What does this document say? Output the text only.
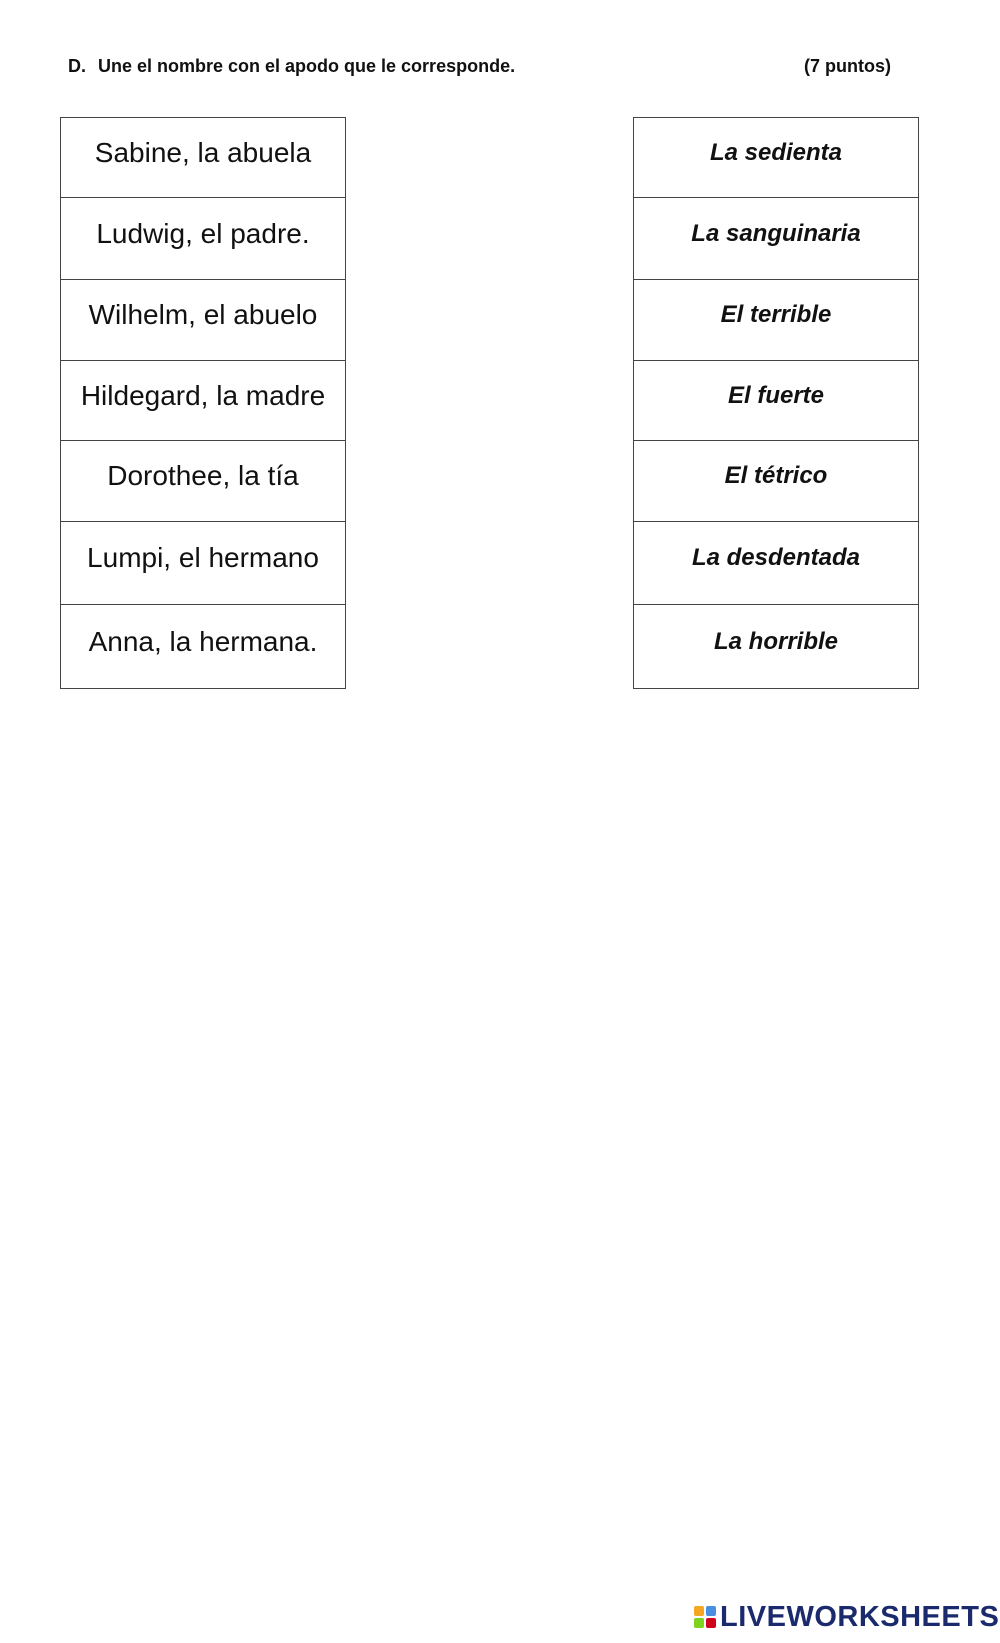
D. Une el nombre con el apodo que le corresponde.	(7 puntos)
Sabine, la abuela
Ludwig, el padre.
Wilhelm, el abuelo
Hildegard, la madre
Dorothee, la tía
Lumpi, el hermano
Anna, la hermana.
La sedienta
La sanguinaria
El terrible
El fuerte
El tétrico
La desdentada
La horrible
LIVEWORKSHEETS
